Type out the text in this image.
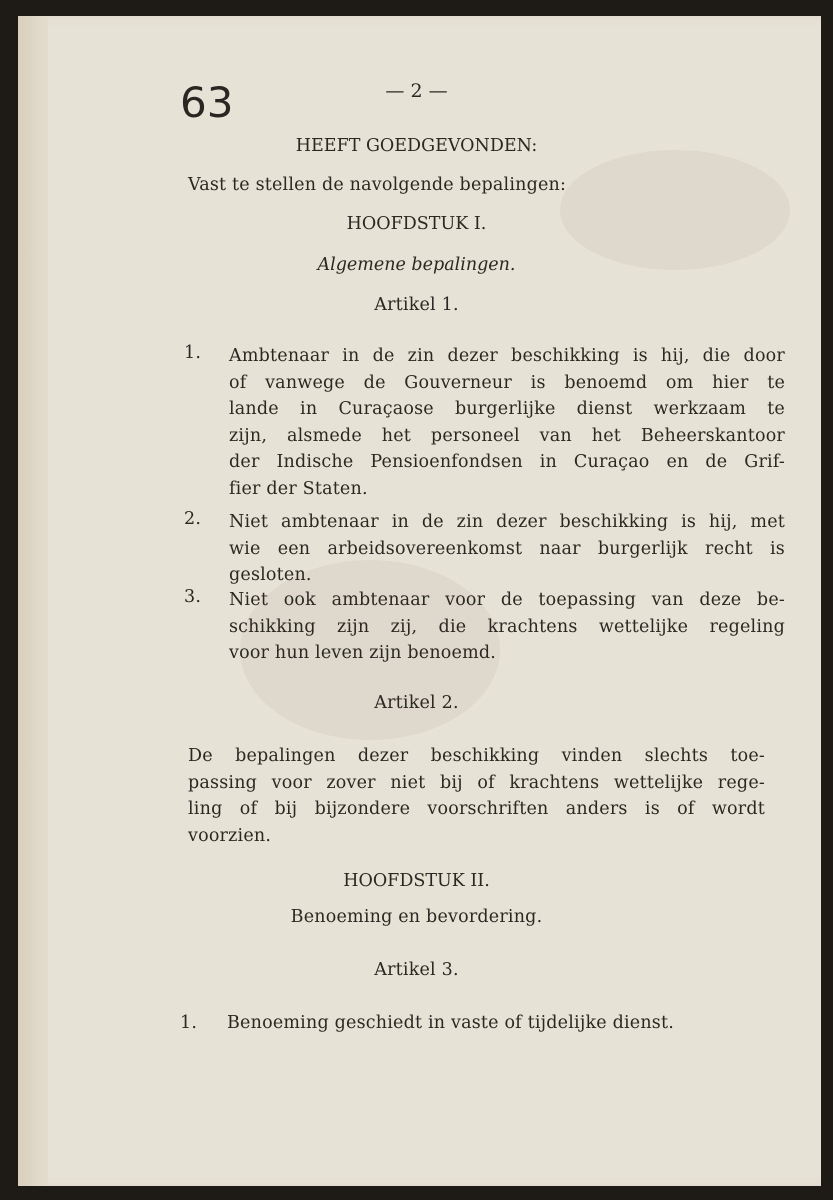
63	— 2 —
HEEFT GOEDGEVONDEN:
Vast te stellen de navolgende bepalingen:
HOOFDSTUK I.
Algemene bepalingen.
Artikel 1.
1. Ambtenaar in de zin dezer beschikking is hij, die door
of vanwege de Gouverneur is benoemd om hier te
lande in Curaçaose burgerlijke dienst werkzaam te
zijn, alsmede het personeel van het Beheerskantoor
der Indische Pensioenfondsen in Curaçao en de Grif-
fier der Staten.
2. Niet ambtenaar in de zin dezer beschikking is hij, met
wie een arbeidsovereenkomst naar burgerlijk recht is
gesloten.
3. Niet ook ambtenaar voor de toepassing van deze be-
schikking zijn zij, die krachtens wettelijke regeling
voor hun leven zijn benoemd.
Artikel 2.
De bepalingen dezer beschikking vinden slechts toe-
passing voor zover niet bij of krachtens wettelijke rege-
ling of bij bijzondere voorschriften anders is of wordt
voorzien.
HOOFDSTUK II.
Benoeming en bevordering.
Artikel 3.
1. Benoeming geschiedt in vaste of tijdelijke dienst.
